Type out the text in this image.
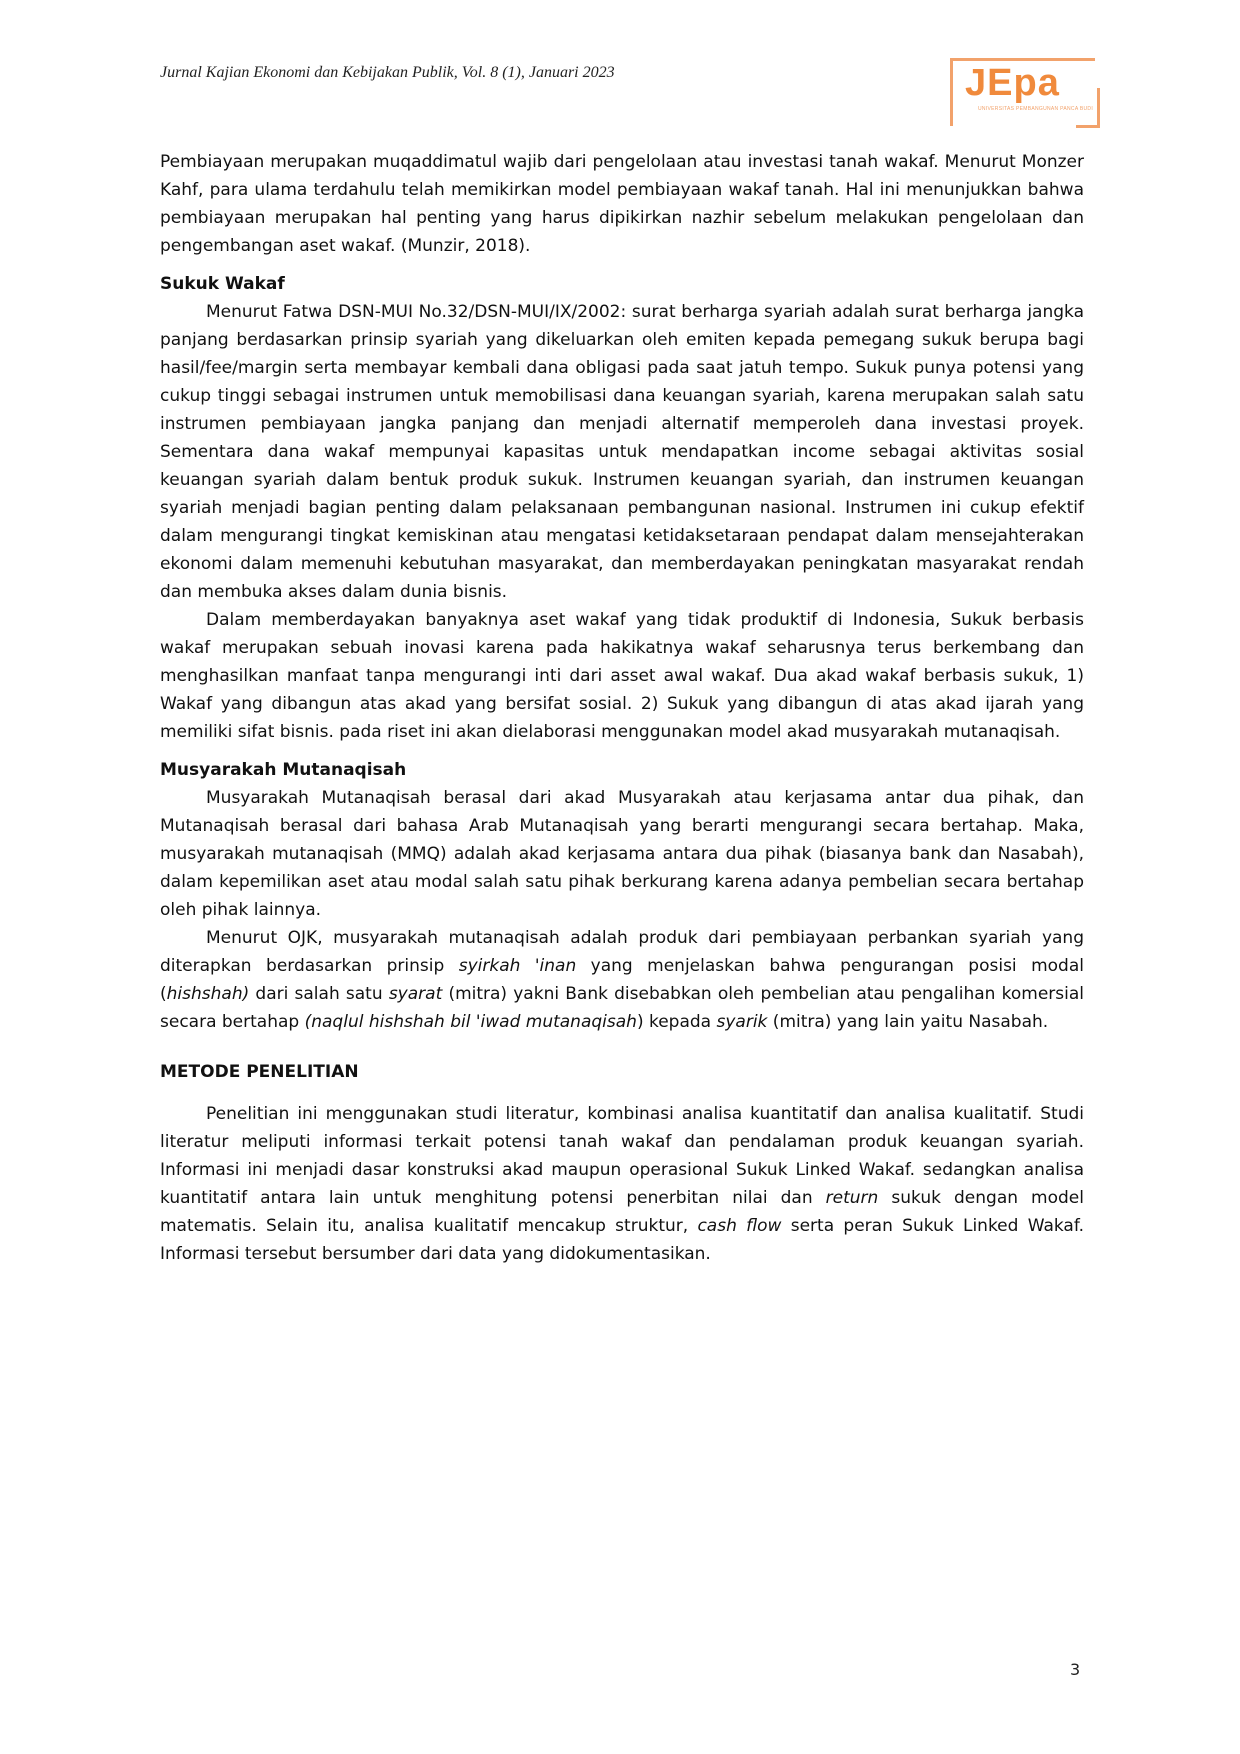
Jurnal Kajian Ekonomi dan Kebijakan Publik, Vol. 8 (1), Januari 2023	JEpa
UNIVERSITAS PEMBANGUNAN PANCA BUDI

Pembiayaan merupakan muqaddimatul wajib dari pengelolaan atau investasi tanah wakaf. Menurut Monzer Kahf, para ulama terdahulu telah memikirkan model pembiayaan wakaf tanah. Hal ini menunjukkan bahwa pembiayaan merupakan hal penting yang harus dipikirkan nazhir sebelum melakukan pengelolaan dan pengembangan aset wakaf. (Munzir, 2018).

Sukuk Wakaf

Menurut Fatwa DSN-MUI No.32/DSN-MUI/IX/2002: surat berharga syariah adalah surat berharga jangka panjang berdasarkan prinsip syariah yang dikeluarkan oleh emiten kepada pemegang sukuk berupa bagi hasil/fee/margin serta membayar kembali dana obligasi pada saat jatuh tempo. Sukuk punya potensi yang cukup tinggi sebagai instrumen untuk memobilisasi dana keuangan syariah, karena merupakan salah satu instrumen pembiayaan jangka panjang dan menjadi alternatif memperoleh dana investasi proyek. Sementara dana wakaf mempunyai kapasitas untuk mendapatkan income sebagai aktivitas sosial keuangan syariah dalam bentuk produk sukuk. Instrumen keuangan syariah, dan instrumen keuangan syariah menjadi bagian penting dalam pelaksanaan pembangunan nasional. Instrumen ini cukup efektif dalam mengurangi tingkat kemiskinan atau mengatasi ketidaksetaraan pendapat dalam mensejahterakan ekonomi dalam memenuhi kebutuhan masyarakat, dan memberdayakan peningkatan masyarakat rendah dan membuka akses dalam dunia bisnis.

Dalam memberdayakan banyaknya aset wakaf yang tidak produktif di Indonesia, Sukuk berbasis wakaf merupakan sebuah inovasi karena pada hakikatnya wakaf seharusnya terus berkembang dan menghasilkan manfaat tanpa mengurangi inti dari asset awal wakaf. Dua akad wakaf berbasis sukuk, 1) Wakaf yang dibangun atas akad yang bersifat sosial. 2) Sukuk yang dibangun di atas akad ijarah yang memiliki sifat bisnis. pada riset ini akan dielaborasi menggunakan model akad musyarakah mutanaqisah.

Musyarakah Mutanaqisah

Musyarakah Mutanaqisah berasal dari akad Musyarakah atau kerjasama antar dua pihak, dan Mutanaqisah berasal dari bahasa Arab Mutanaqisah yang berarti mengurangi secara bertahap. Maka, musyarakah mutanaqisah (MMQ) adalah akad kerjasama antara dua pihak (biasanya bank dan Nasabah), dalam kepemilikan aset atau modal salah satu pihak berkurang karena adanya pembelian secara bertahap oleh pihak lainnya.

Menurut OJK, musyarakah mutanaqisah adalah produk dari pembiayaan perbankan syariah yang diterapkan berdasarkan prinsip syirkah 'inan yang menjelaskan bahwa pengurangan posisi modal (hishshah) dari salah satu syarat (mitra) yakni Bank disebabkan oleh pembelian atau pengalihan komersial secara bertahap (naqlul hishshah bil 'iwad mutanaqisah) kepada syarik (mitra) yang lain yaitu Nasabah.

METODE PENELITIAN

Penelitian ini menggunakan studi literatur, kombinasi analisa kuantitatif dan analisa kualitatif. Studi literatur meliputi informasi terkait potensi tanah wakaf dan pendalaman produk keuangan syariah. Informasi ini menjadi dasar konstruksi akad maupun operasional Sukuk Linked Wakaf. sedangkan analisa kuantitatif antara lain untuk menghitung potensi penerbitan nilai dan return sukuk dengan model matematis. Selain itu, analisa kualitatif mencakup struktur, cash flow serta peran Sukuk Linked Wakaf. Informasi tersebut bersumber dari data yang didokumentasikan.

3
